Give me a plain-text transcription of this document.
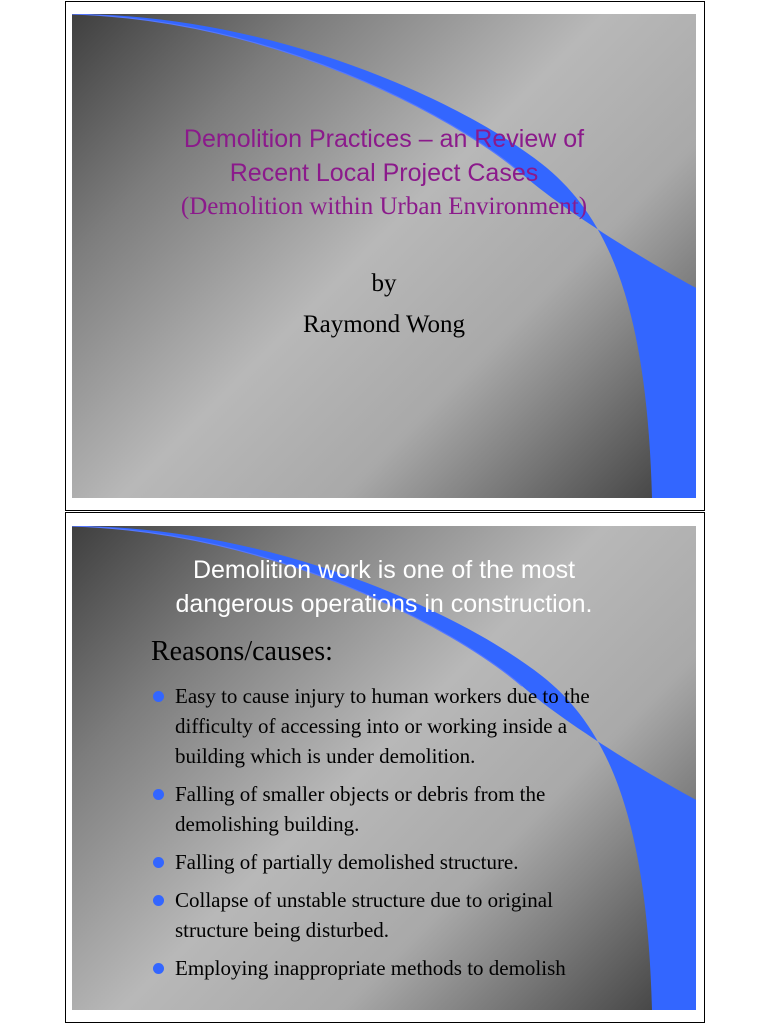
Demolition Practices – an Review of
Recent Local Project Cases
(Demolition within Urban Environment)
by
Raymond Wong
Demolition work is one of the most
dangerous operations in construction.
Reasons/causes:
Easy to cause injury to human workers due to the difficulty of accessing into or working inside a building which is under demolition.
Falling of smaller objects or debris from the demolishing building.
Falling of partially demolished structure.
Collapse of unstable structure due to original structure being disturbed.
Employing inappropriate methods to demolish
